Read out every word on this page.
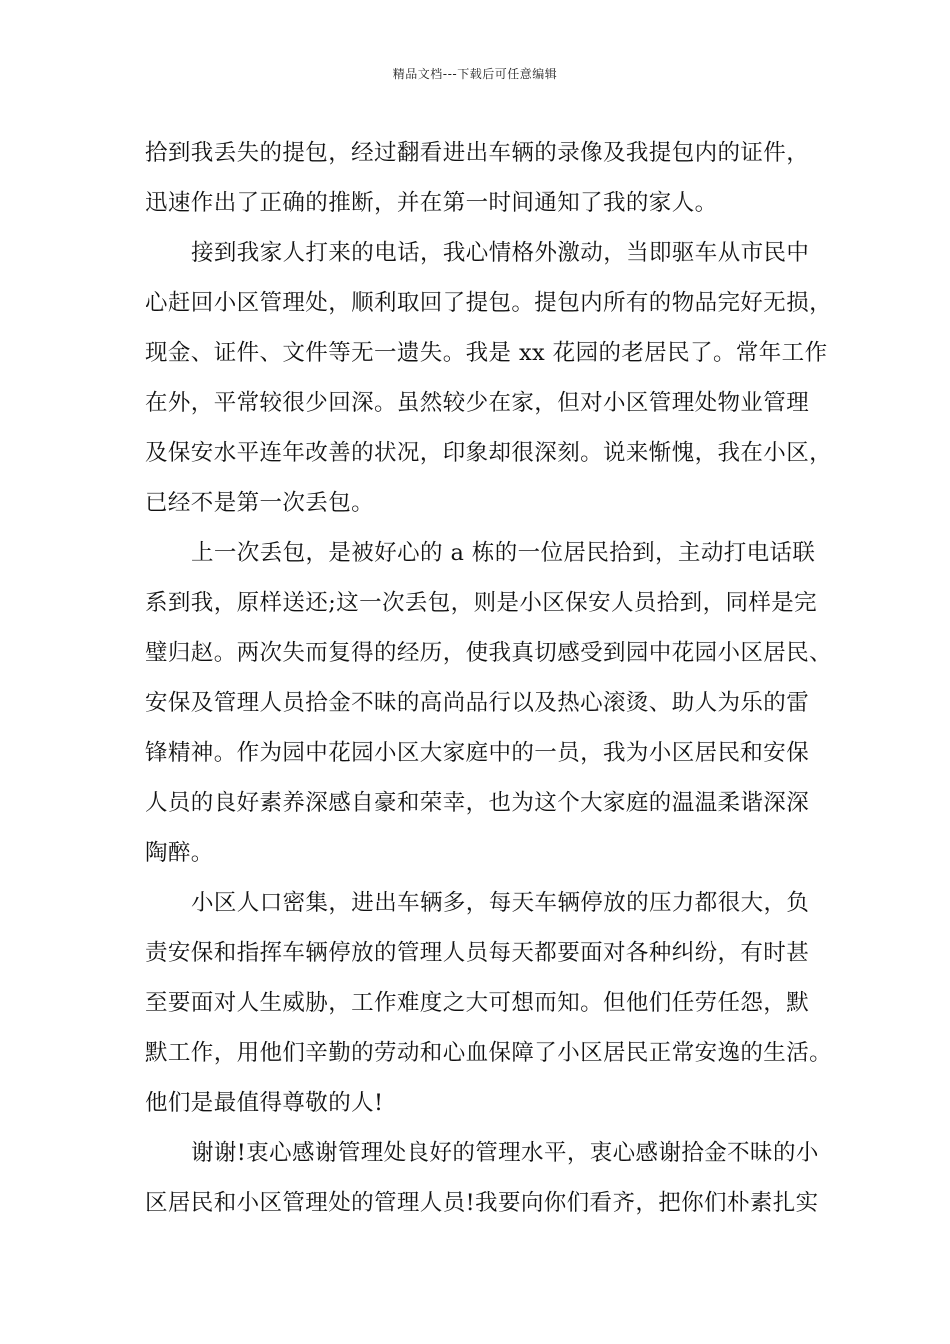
精品文档---下载后可任意编辑
拾到我丢失的提包，经过翻看进出车辆的录像及我提包内的证件，
迅速作出了正确的推断，并在第一时间通知了我的家人。
接到我家人打来的电话，我心情格外激动，当即驱车从市民中
心赶回小区管理处，顺利取回了提包。提包内所有的物品完好无损，
现金、证件、文件等无一遗失。我是 xx 花园的老居民了。常年工作
在外，平常较很少回深。虽然较少在家，但对小区管理处物业管理
及保安水平连年改善的状况，印象却很深刻。说来惭愧，我在小区，
已经不是第一次丢包。
上一次丢包，是被好心的 a 栋的一位居民拾到，主动打电话联
系到我，原样送还;这一次丢包，则是小区保安人员拾到，同样是完
璧归赵。两次失而复得的经历，使我真切感受到园中花园小区居民、
安保及管理人员拾金不昧的高尚品行以及热心滚烫、助人为乐的雷
锋精神。作为园中花园小区大家庭中的一员，我为小区居民和安保
人员的良好素养深感自豪和荣幸，也为这个大家庭的温温柔谐深深
陶醉。
小区人口密集，进出车辆多，每天车辆停放的压力都很大，负
责安保和指挥车辆停放的管理人员每天都要面对各种纠纷，有时甚
至要面对人生威胁，工作难度之大可想而知。但他们任劳任怨，默
默工作，用他们辛勤的劳动和心血保障了小区居民正常安逸的生活。
他们是最值得尊敬的人!
谢谢!衷心感谢管理处良好的管理水平，衷心感谢拾金不昧的小
区居民和小区管理处的管理人员!我要向你们看齐，把你们朴素扎实
